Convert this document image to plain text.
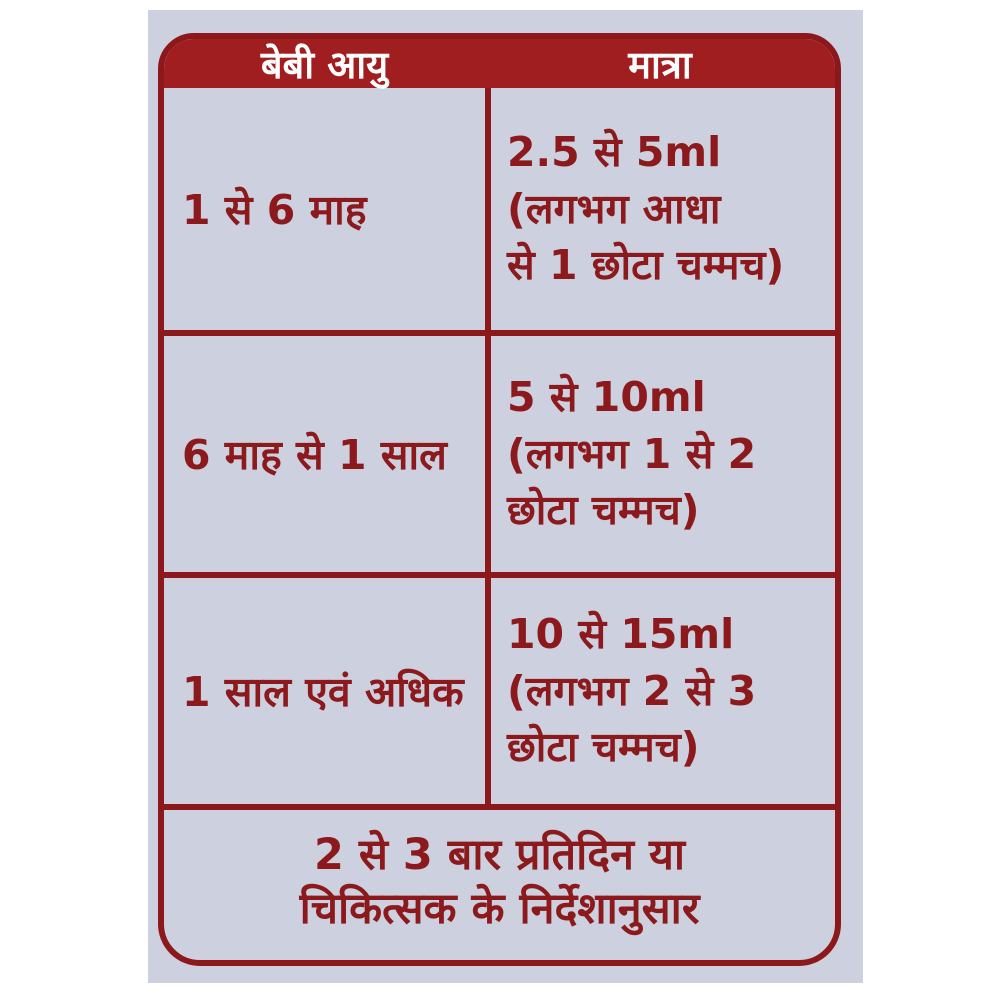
बेबी आयु	मात्रा
1 से 6 माह
2.5 से 5ml
(लगभग आधा
से 1 छोटा चम्मच)
6 माह से 1 साल
5 से 10ml
(लगभग 1 से 2
छोटा चम्मच)
1 साल एवं अधिक
10 से 15ml
(लगभग 2 से 3
छोटा चम्मच)
2 से 3 बार प्रतिदिन या
चिकित्सक के निर्देशानुसार
